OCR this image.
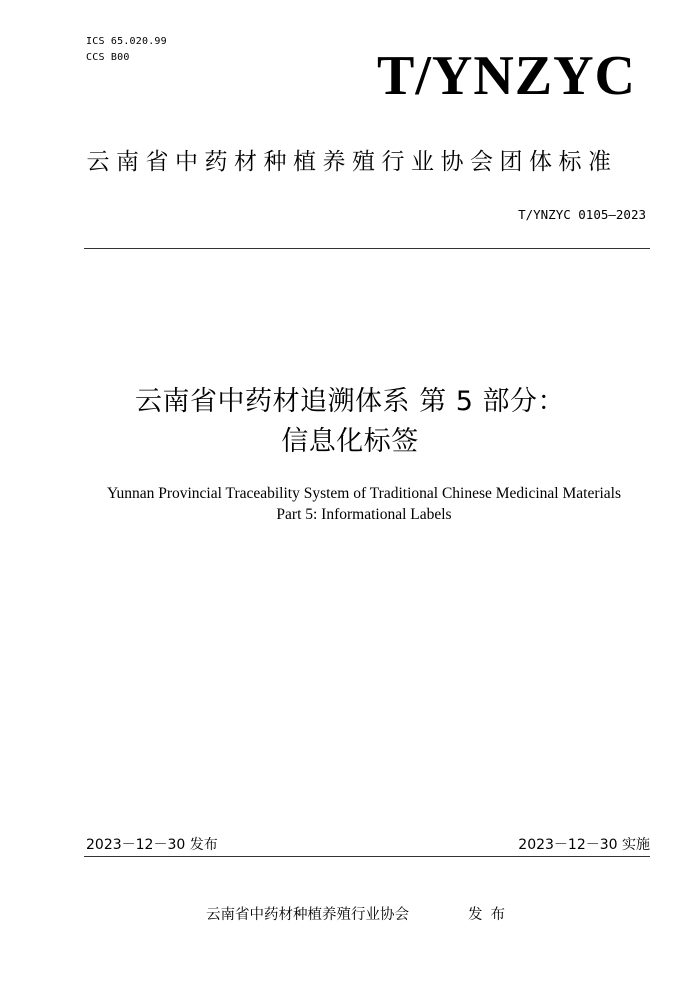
ICS 65.020.99
CCS B00	T/YNZYC
云南省中药材种植养殖行业协会团体标准
T/YNZYC 0105—2023
云南省中药材追溯体系 第 5 部分：
信息化标签
Yunnan Provincial Traceability System of Traditional Chinese Medicinal Materials
Part 5: Informational Labels
2023－12－30 发布	2023－12－30 实施
云南省中药材种植养殖行业协会	发布
